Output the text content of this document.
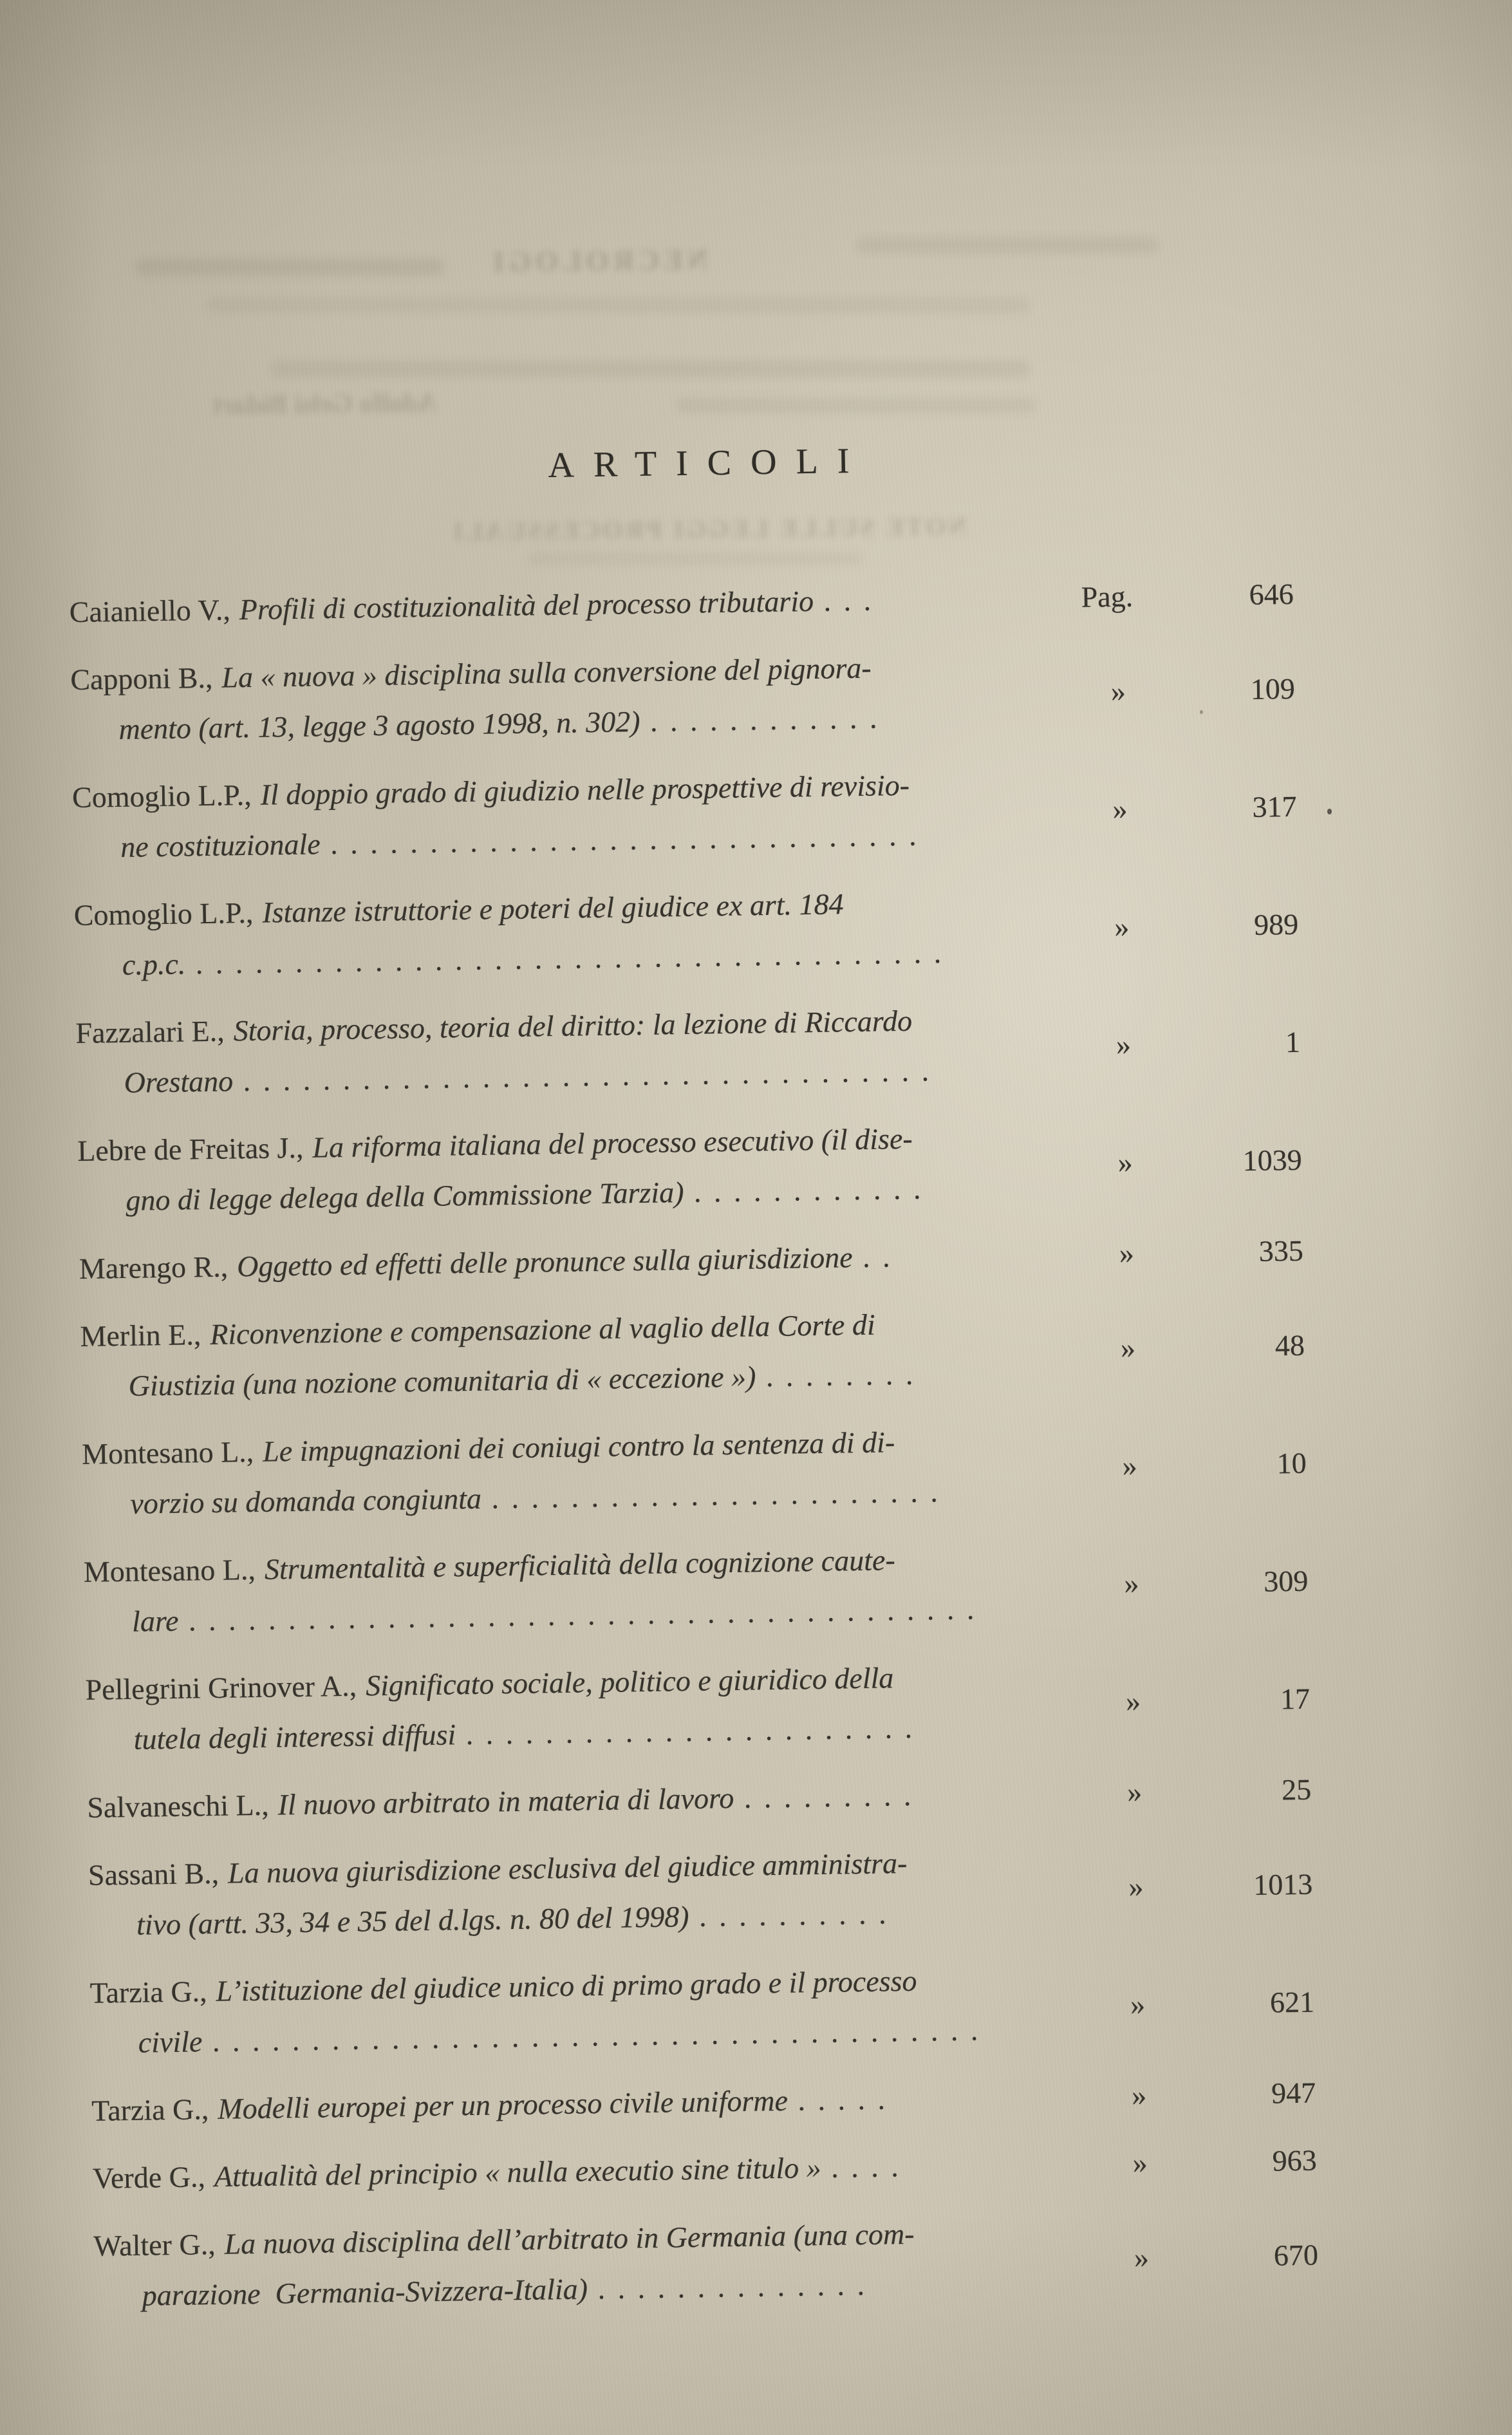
NECROLOGI
Adolfo Gelsi Bidart
NOTE SULLE LEGGI PROCESSUALI
ARTICOLI
Caianiello V., Profili di costituzionalità del processo tributario . . .	Pag.	646
Capponi B., La « nuova » disciplina sulla conversione del pignora-
mento (art. 13, legge 3 agosto 1998, n. 302) . . . . . . . . . . . .
»	109
Comoglio L.P., Il doppio grado di giudizio nelle prospettive di revisio-
ne costituzionale . . . . . . . . . . . . . . . . . . . . . . . . . . . . . .
»	317
Comoglio L.P., Istanze istruttorie e poteri del giudice ex art. 184
c.p.c. . . . . . . . . . . . . . . . . . . . . . . . . . . . . . . . . . . . . . .
»	989
Fazzalari E., Storia, processo, teoria del diritto: la lezione di Riccardo
Orestano . . . . . . . . . . . . . . . . . . . . . . . . . . . . . . . . . . .
»	1
Lebre de Freitas J., La riforma italiana del processo esecutivo (il dise-
gno di legge delega della Commissione Tarzia) . . . . . . . . . . . .
»	1039
Marengo R., Oggetto ed effetti delle pronunce sulla giurisdizione . .	»	335
Merlin E., Riconvenzione e compensazione al vaglio della Corte di
Giustizia (una nozione comunitaria di « eccezione ») . . . . . . . .
»	48
Montesano L., Le impugnazioni dei coniugi contro la sentenza di di-
vorzio su domanda congiunta . . . . . . . . . . . . . . . . . . . . . . .
»	10
Montesano L., Strumentalità e superficialità della cognizione caute-
lare . . . . . . . . . . . . . . . . . . . . . . . . . . . . . . . . . . . . . . . .
»	309
Pellegrini Grinover A., Significato sociale, politico e giuridico della
tutela degli interessi diffusi . . . . . . . . . . . . . . . . . . . . . . .
»	17
Salvaneschi L., Il nuovo arbitrato in materia di lavoro . . . . . . . . .	»	25
Sassani B., La nuova giurisdizione esclusiva del giudice amministra-
tivo (artt. 33, 34 e 35 del d.lgs. n. 80 del 1998) . . . . . . . . . .
»	1013
Tarzia G., L’istituzione del giudice unico di primo grado e il processo
civile . . . . . . . . . . . . . . . . . . . . . . . . . . . . . . . . . . . . . . .
»	621
Tarzia G., Modelli europei per un processo civile uniforme . . . . .	»	947
Verde G., Attualità del principio « nulla executio sine titulo » . . . .	»	963
Walter G., La nuova disciplina dell’arbitrato in Germania (una com-
parazione  Germania-Svizzera-Italia) . . . . . . . . . . . . . .
»	670
